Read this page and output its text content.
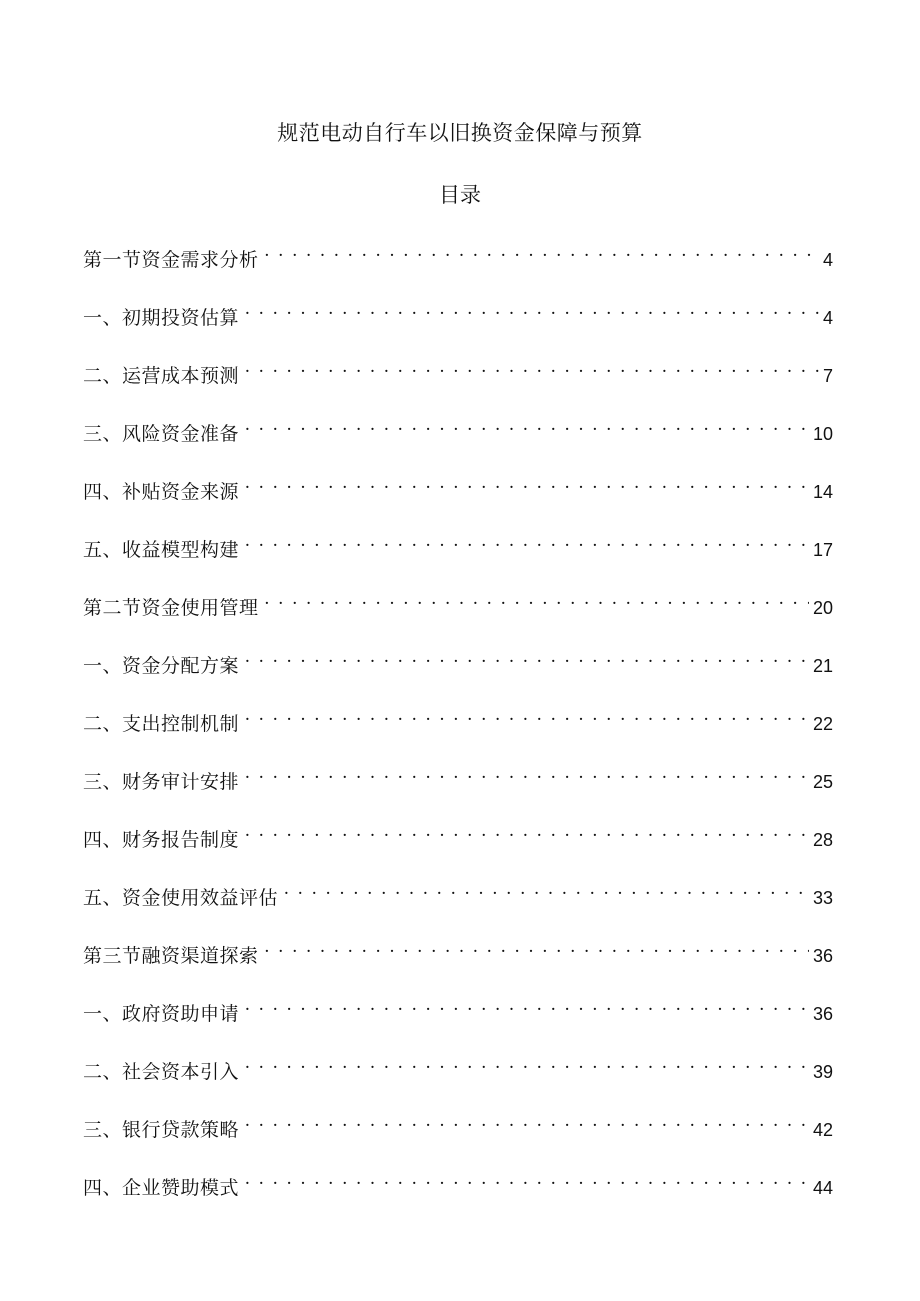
规范电动自行车以旧换资金保障与预算
目录
第一节资金需求分析 . . .	4
一、初期投资估算 . . .	4
二、运营成本预测 . . .	7
三、风险资金准备 . . .	10
四、补贴资金来源 . . .	14
五、收益模型构建 . . .	17
第二节资金使用管理 . . .	20
一、资金分配方案 . . .	21
二、支出控制机制 . . .	22
三、财务审计安排 . . .	25
四、财务报告制度 . . .	28
五、资金使用效益评估 . . .	33
第三节融资渠道探索 . . .	36
一、政府资助申请 . . .	36
二、社会资本引入 . . .	39
三、银行贷款策略 . . .	42
四、企业赞助模式 . . .	44
